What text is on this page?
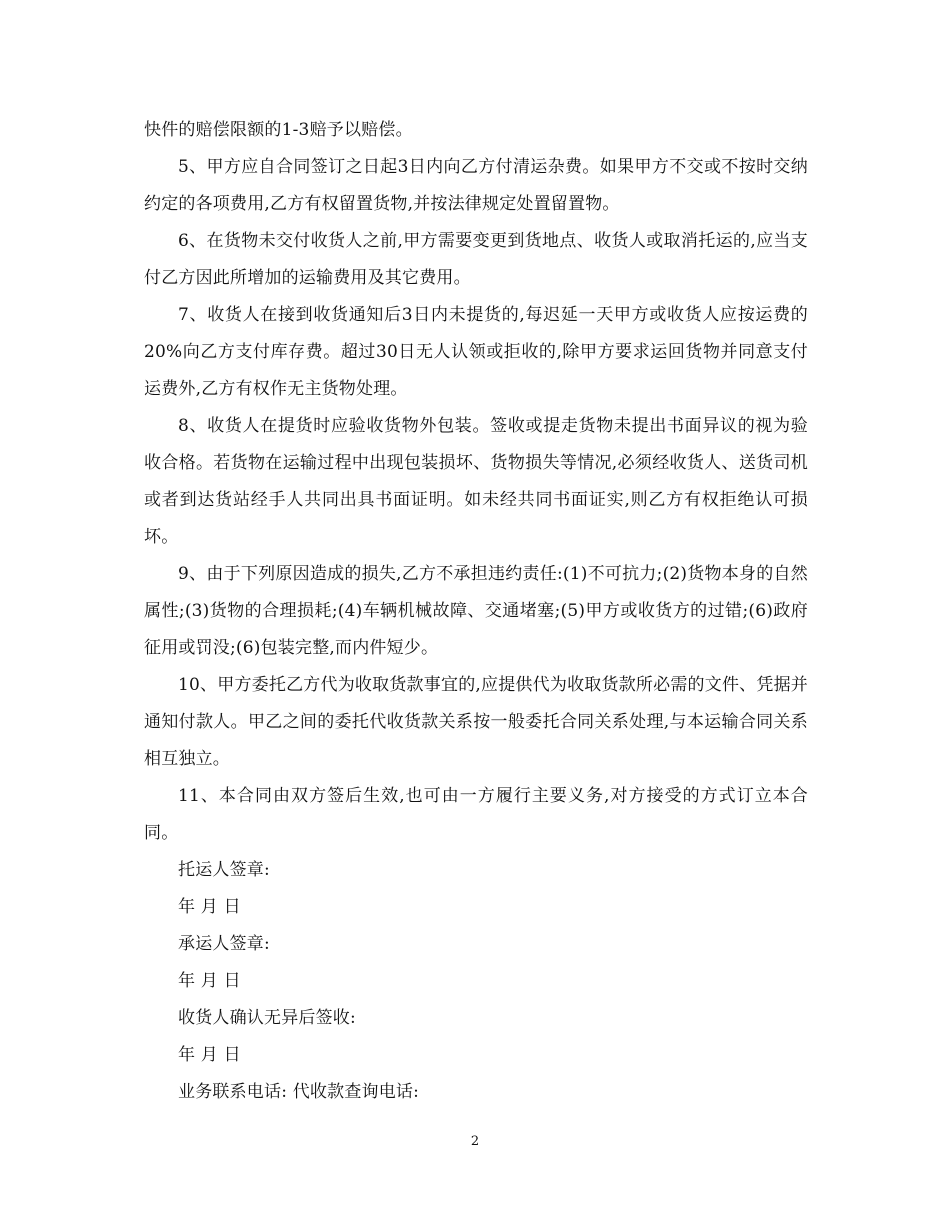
快件的赔偿限额的1-3赔予以赔偿。

5、甲方应自合同签订之日起3日内向乙方付清运杂费。如果甲方不交或不按时交纳约定的各项费用,乙方有权留置货物,并按法律规定处置留置物。

6、在货物未交付收货人之前,甲方需要变更到货地点、收货人或取消托运的,应当支付乙方因此所增加的运输费用及其它费用。

7、收货人在接到收货通知后3日内未提货的,每迟延一天甲方或收货人应按运费的20%向乙方支付库存费。超过30日无人认领或拒收的,除甲方要求运回货物并同意支付运费外,乙方有权作无主货物处理。

8、收货人在提货时应验收货物外包装。签收或提走货物未提出书面异议的视为验收合格。若货物在运输过程中出现包装损坏、货物损失等情况,必须经收货人、送货司机或者到达货站经手人共同出具书面证明。如未经共同书面证实,则乙方有权拒绝认可损坏。

9、由于下列原因造成的损失,乙方不承担违约责任:(1)不可抗力;(2)货物本身的自然属性;(3)货物的合理损耗;(4)车辆机械故障、交通堵塞;(5)甲方或收货方的过错;(6)政府征用或罚没;(6)包装完整,而内件短少。

10、甲方委托乙方代为收取货款事宜的,应提供代为收取货款所必需的文件、凭据并通知付款人。甲乙之间的委托代收货款关系按一般委托合同关系处理,与本运输合同关系相互独立。

11、本合同由双方签后生效,也可由一方履行主要义务,对方接受的方式订立本合同。

托运人签章:

年 月 日

承运人签章:

年 月 日

收货人确认无异后签收:

年 月 日

业务联系电话: 代收款查询电话:

2
